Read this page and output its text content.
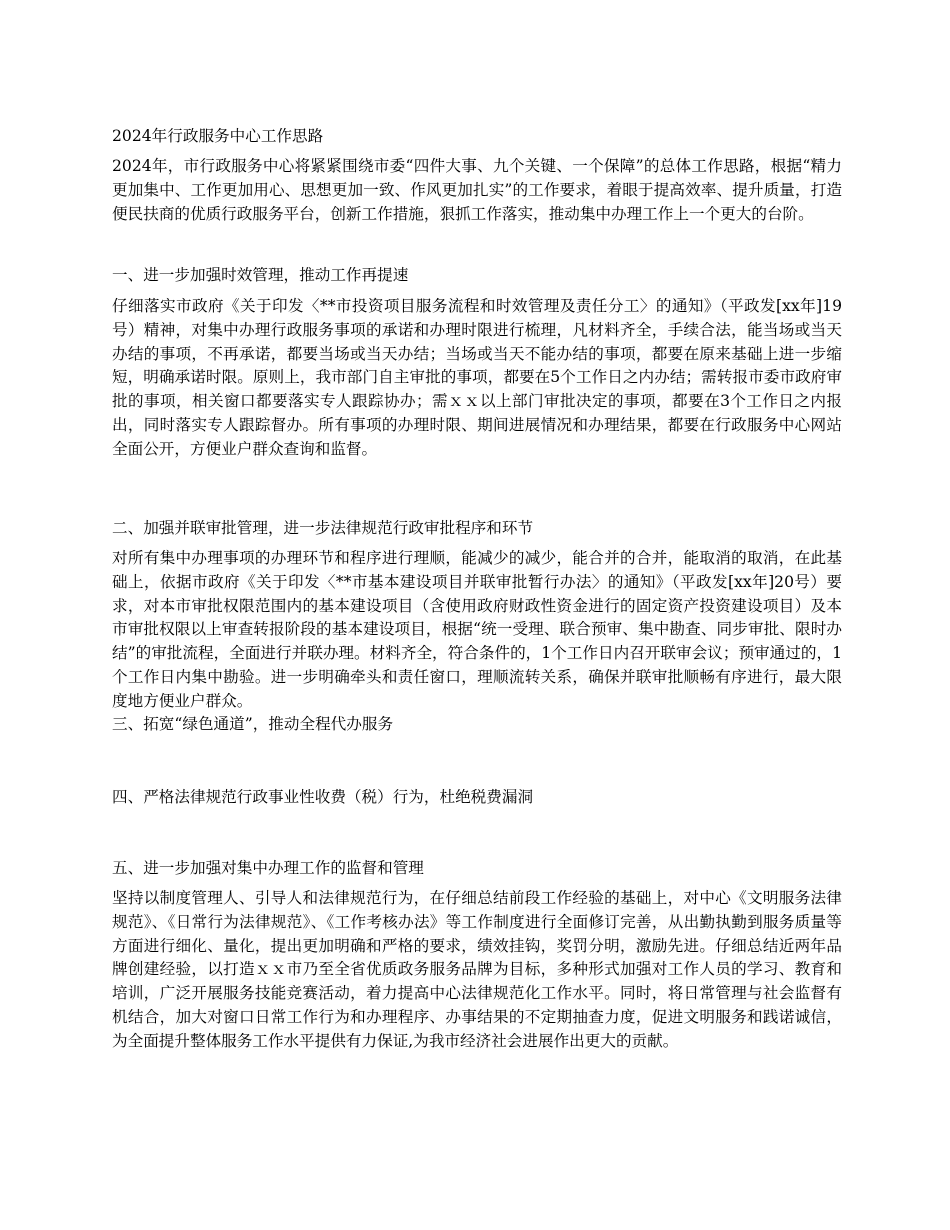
2024年行政服务中心工作思路

2024年，市行政服务中心将紧紧围绕市委“四件大事、九个关键、一个保障”的总体工作思路，根据“精力更加集中、工作更加用心、思想更加一致、作风更加扎实”的工作要求，着眼于提高效率、提升质量，打造便民扶商的优质行政服务平台，创新工作措施，狠抓工作落实，推动集中办理工作上一个更大的台阶。

一、进一步加强时效管理，推动工作再提速

仔细落实市政府《关于印发〈**市投资项目服务流程和时效管理及责任分工〉的通知》（平政发[xx年]19号）精神，对集中办理行政服务事项的承诺和办理时限进行梳理，凡材料齐全，手续合法，能当场或当天办结的事项，不再承诺，都要当场或当天办结；当场或当天不能办结的事项，都要在原来基础上进一步缩短，明确承诺时限。原则上，我市部门自主审批的事项，都要在5个工作日之内办结；需转报市委市政府审批的事项，相关窗口都要落实专人跟踪协办；需ｘｘ以上部门审批决定的事项，都要在3个工作日之内报出，同时落实专人跟踪督办。所有事项的办理时限、期间进展情况和办理结果，都要在行政服务中心网站全面公开，方便业户群众查询和监督。

二、加强并联审批管理，进一步法律规范行政审批程序和环节

对所有集中办理事项的办理环节和程序进行理顺，能减少的减少，能合并的合并，能取消的取消，在此基础上，依据市政府《关于印发〈**市基本建设项目并联审批暂行办法〉的通知》（平政发[xx年]20号）要求，对本市审批权限范围内的基本建设项目（含使用政府财政性资金进行的固定资产投资建设项目）及本市审批权限以上审查转报阶段的基本建设项目，根据“统一受理、联合预审、集中勘查、同步审批、限时办结”的审批流程，全面进行并联办理。材料齐全，符合条件的，1个工作日内召开联审会议；预审通过的，1个工作日内集中勘验。进一步明确牵头和责任窗口，理顺流转关系，确保并联审批顺畅有序进行，最大限度地方便业户群众。

三、拓宽“绿色通道”，推动全程代办服务
四、严格法律规范行政事业性收费（税）行为，杜绝税费漏洞
五、进一步加强对集中办理工作的监督和管理

坚持以制度管理人、引导人和法律规范行为，在仔细总结前段工作经验的基础上，对中心《文明服务法律规范》、《日常行为法律规范》、《工作考核办法》等工作制度进行全面修订完善，从出勤执勤到服务质量等方面进行细化、量化，提出更加明确和严格的要求，绩效挂钩，奖罚分明，激励先进。仔细总结近两年品牌创建经验，以打造ｘｘ市乃至全省优质政务服务品牌为目标，多种形式加强对工作人员的学习、教育和培训，广泛开展服务技能竞赛活动，着力提高中心法律规范化工作水平。同时，将日常管理与社会监督有机结合，加大对窗口日常工作行为和办理程序、办事结果的不定期抽查力度，促进文明服务和践诺诚信，为全面提升整体服务工作水平提供有力保证,为我市经济社会进展作出更大的贡献。
